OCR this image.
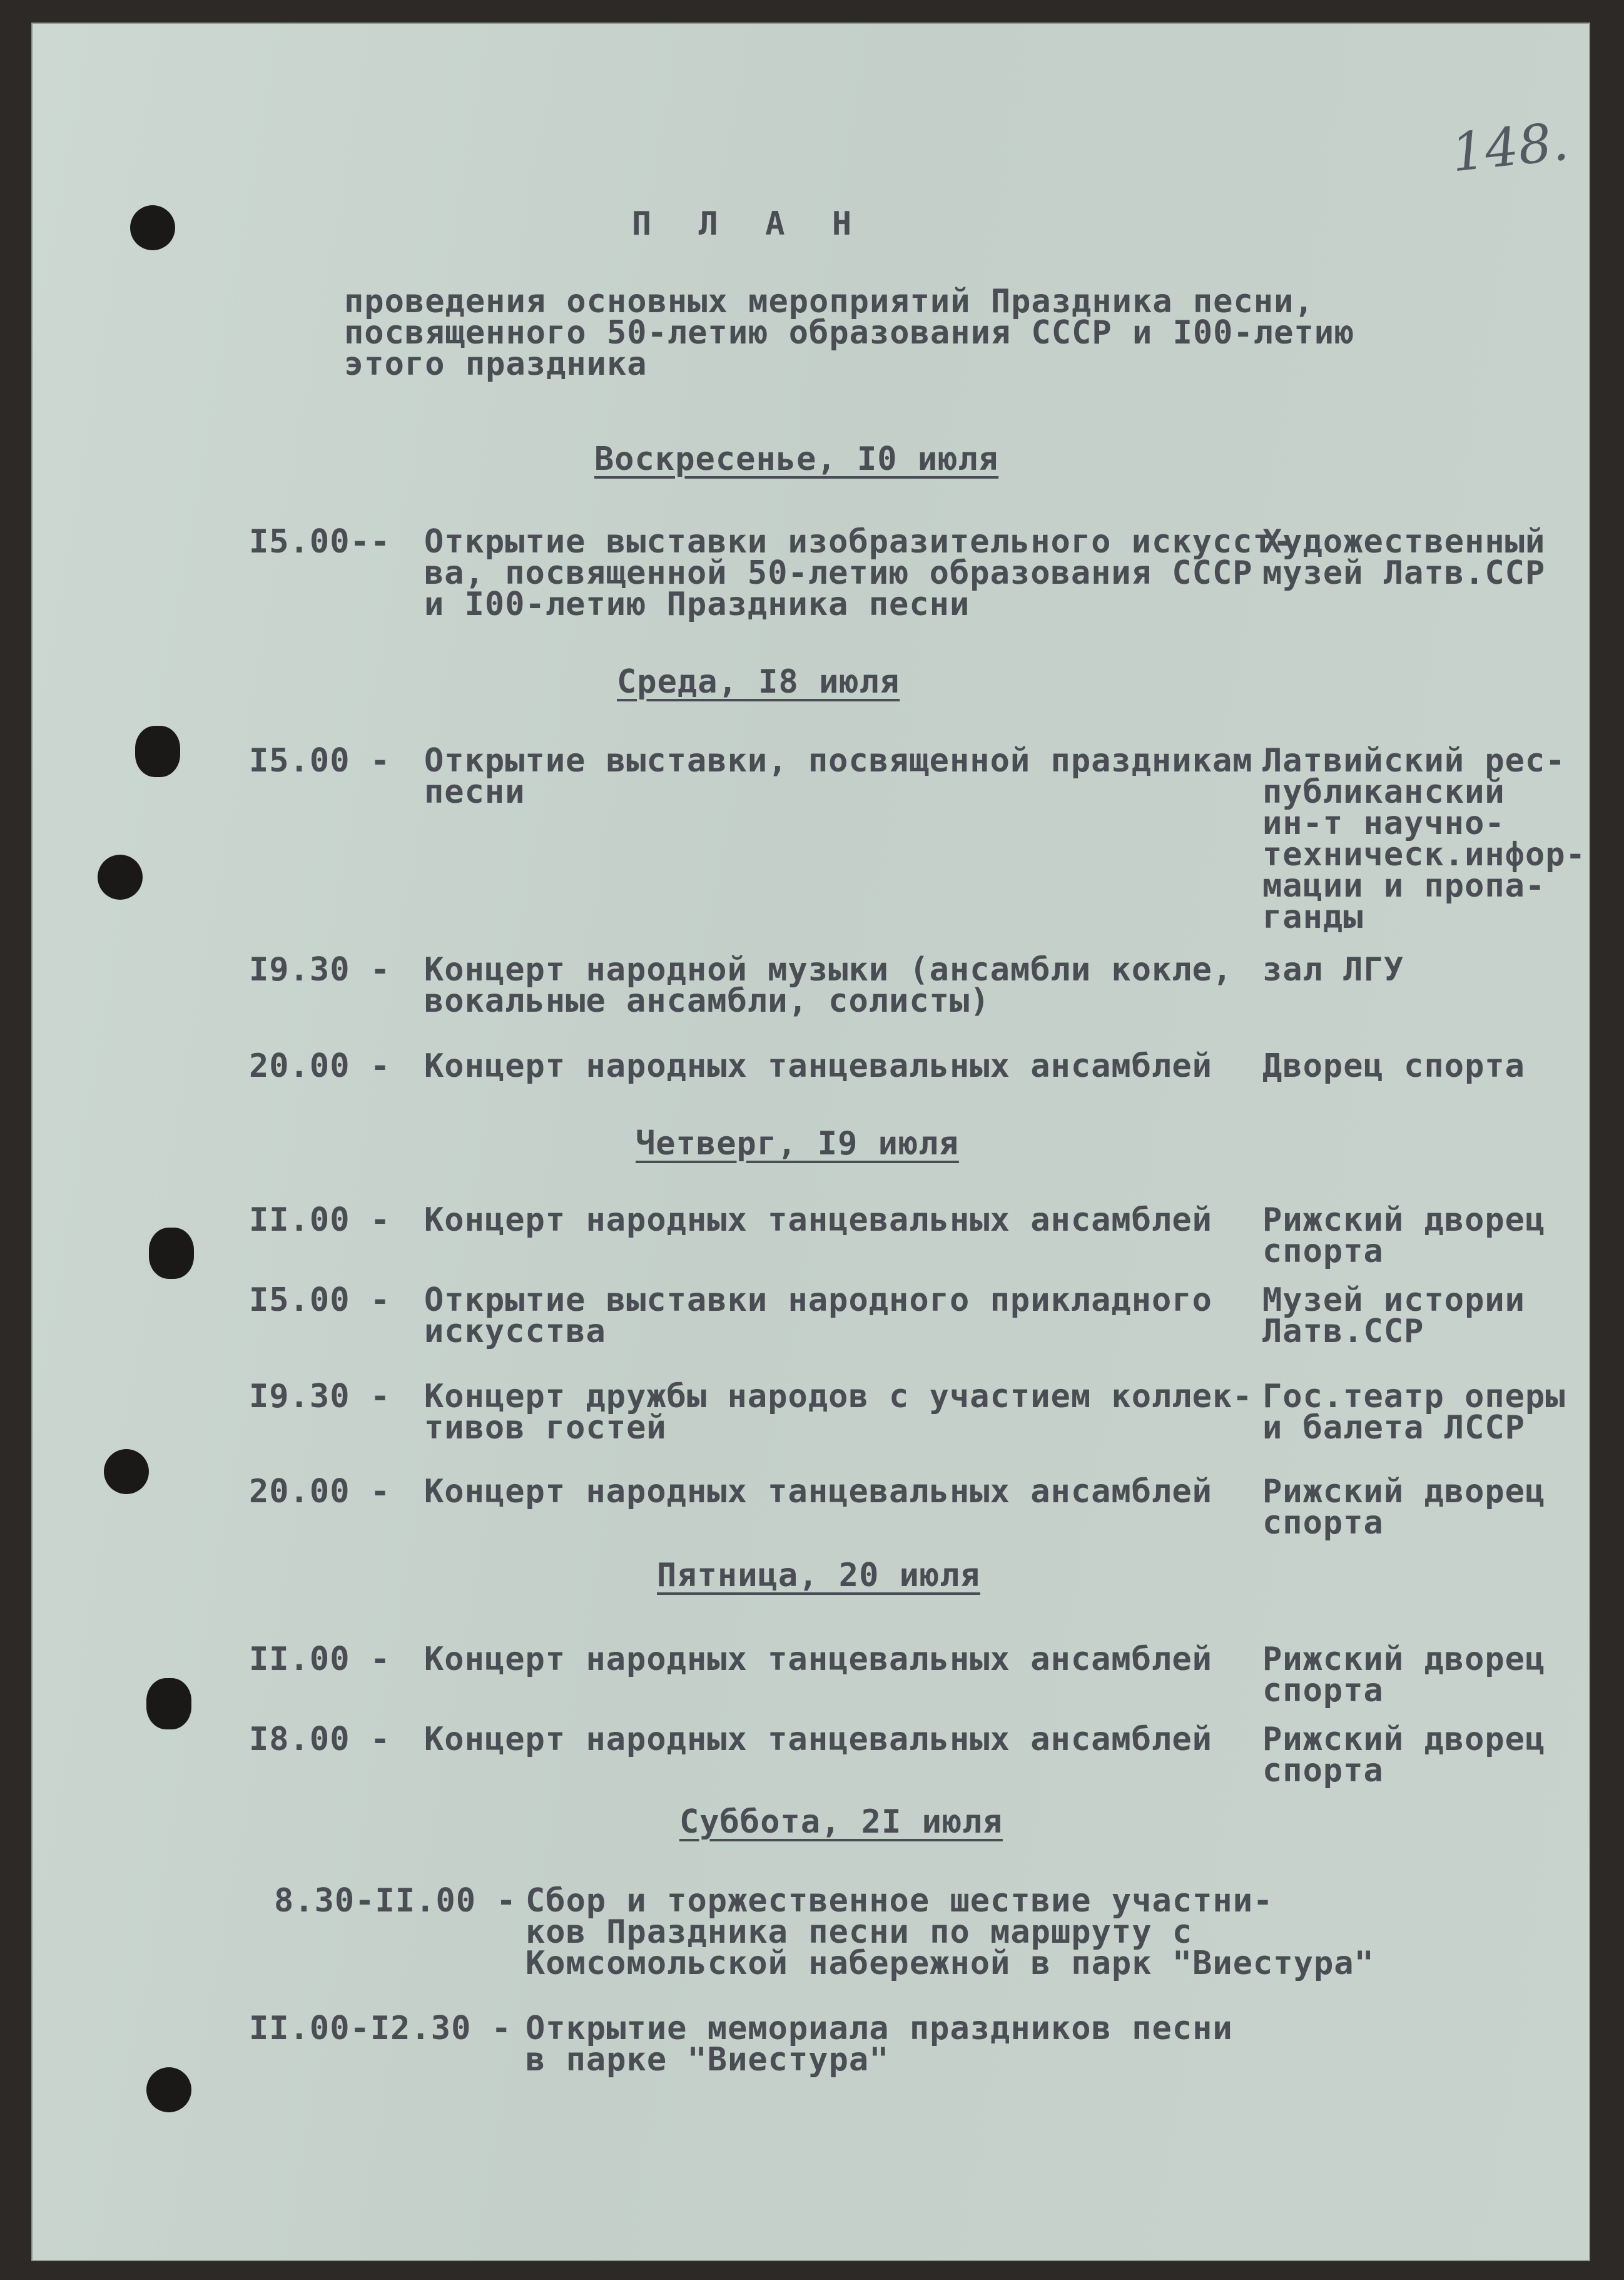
148.
П Л А Н
проведения основных мероприятий Праздника песни,
посвященного 50-летию образования СССР и I00-летию
этого праздника
Воскресенье, I0 июля
I5.00-- Открытие выставки изобразительного искусст-
ва, посвященной 50-летию образования СССР
и I00-летию Праздника песни
Художественный
музей Латв.ССР
Среда, I8 июля
I5.00 - Открытие выставки, посвященной праздникам
песни
Латвийский рес-
публиканский
ин-т научно-
техническ.инфор-
мации и пропа-
ганды
I9.30 - Концерт народной музыки (ансамбли кокле,
вокальные ансамбли, солисты)
зал ЛГУ
20.00 - Концерт народных танцевальных ансамблей Дворец спорта
Четверг, I9 июля
II.00 - Концерт народных танцевальных ансамблей Рижский дворец
спорта
I5.00 - Открытие выставки народного прикладного
искусства
Музей истории
Латв.ССР
I9.30 - Концерт дружбы народов с участием коллек-
тивов гостей
Гос.театр оперы
и балета ЛССР
20.00 - Концерт народных танцевальных ансамблей Рижский дворец
спорта
Пятница, 20 июля
II.00 - Концерт народных танцевальных ансамблей Рижский дворец
спорта
I8.00 - Концерт народных танцевальных ансамблей Рижский дворец
спорта
Суббота, 2I июля
8.30-II.00 - Сбор и торжественное шествие участни-
ков Праздника песни по маршруту с
Комсомольской набережной в парк "Виестура"
II.00-I2.30 - Открытие мемориала праздников песни
в парке "Виестура"
